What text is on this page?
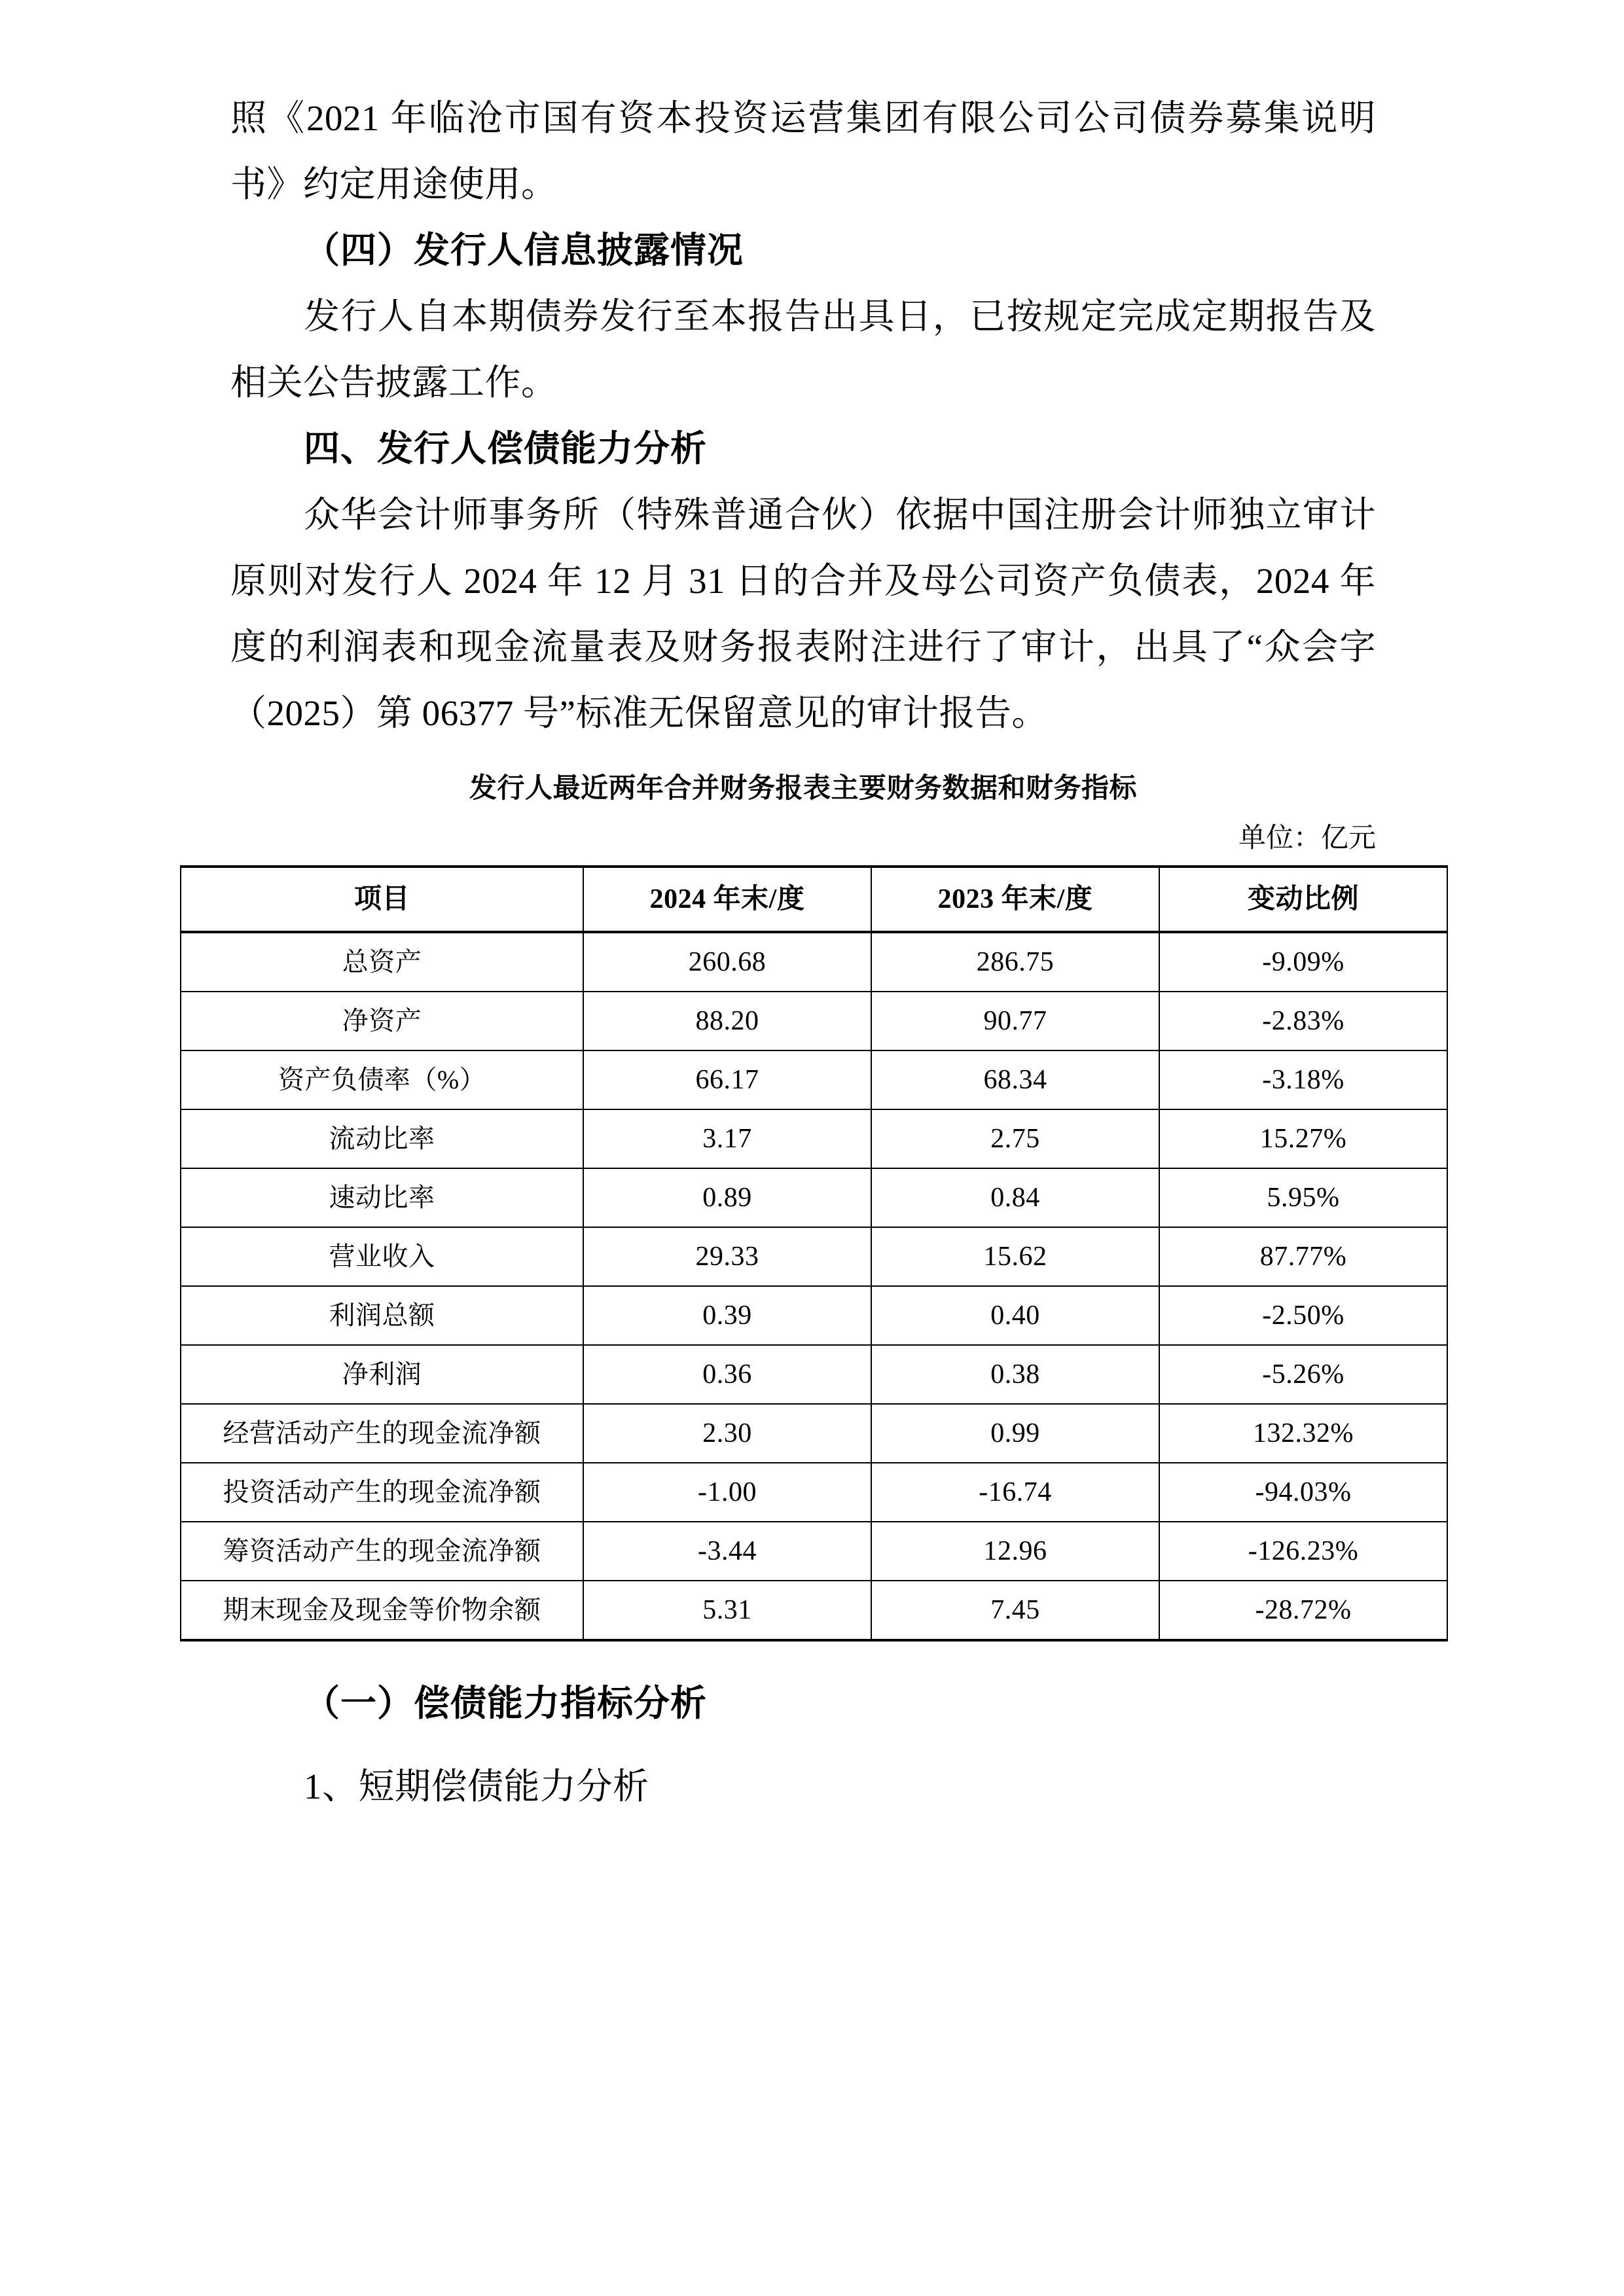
照《2021 年临沧市国有资本投资运营集团有限公司公司债券募集说明书》约定用途使用。

（四）发行人信息披露情况

发行人自本期债券发行至本报告出具日，已按规定完成定期报告及相关公告披露工作。

四、发行人偿债能力分析

众华会计师事务所（特殊普通合伙）依据中国注册会计师独立审计原则对发行人 2024 年 12 月 31 日的合并及母公司资产负债表，2024 年度的利润表和现金流量表及财务报表附注进行了审计，出具了“众会字（2025）第 06377 号”标准无保留意见的审计报告。

发行人最近两年合并财务报表主要财务数据和财务指标

单位：亿元

项目	2024 年末/度	2023 年末/度	变动比例
总资产	260.68	286.75	-9.09%
净资产	88.20	90.77	-2.83%
资产负债率（%）	66.17	68.34	-3.18%
流动比率	3.17	2.75	15.27%
速动比率	0.89	0.84	5.95%
营业收入	29.33	15.62	87.77%
利润总额	0.39	0.40	-2.50%
净利润	0.36	0.38	-5.26%
经营活动产生的现金流净额	2.30	0.99	132.32%
投资活动产生的现金流净额	-1.00	-16.74	-94.03%
筹资活动产生的现金流净额	-3.44	12.96	-126.23%
期末现金及现金等价物余额	5.31	7.45	-28.72%
（一）偿债能力指标分析
1、短期偿债能力分析
